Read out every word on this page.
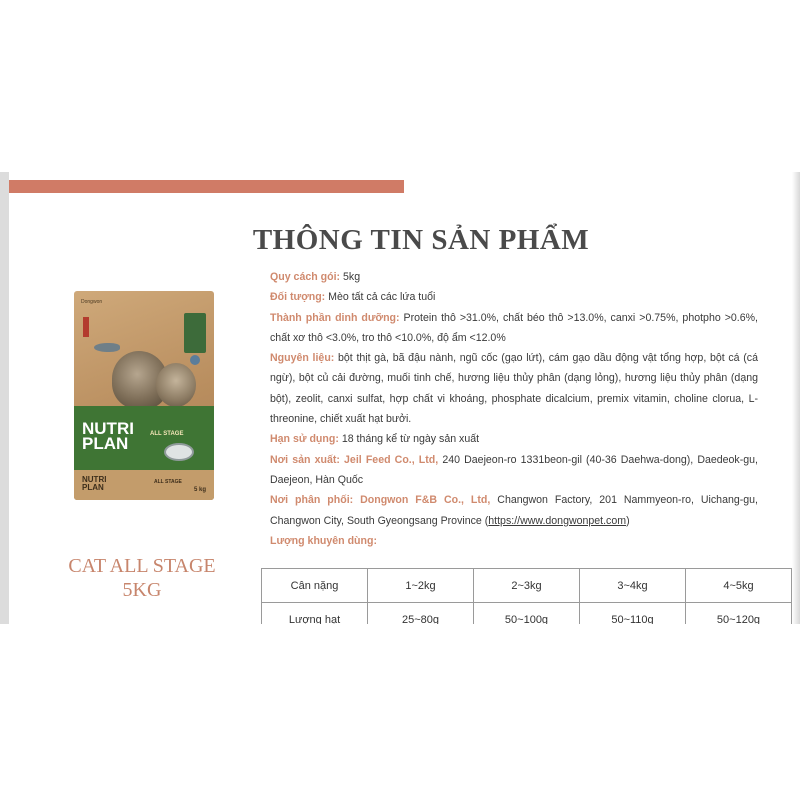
THÔNG TIN SẢN PHẨM
Dongwon
NUTRI
PLAN	ALL STAGE
NUTRI
PLAN
ALL STAGE
5 kg

CAT ALL STAGE
5KG

Quy cách gói: 5kg

Đối tượng: Mèo tất cả các lứa tuổi

Thành phần dinh dưỡng: Protein thô >31.0%, chất béo thô >13.0%, canxi >0.75%, photpho >0.6%, chất xơ thô <3.0%, tro thô <10.0%, độ ẩm <12.0%

Nguyên liệu: bột thịt gà, bã đậu nành, ngũ cốc (gạo lứt), cám gạo dầu động vật tổng hợp, bột cá (cá ngừ), bột củ cải đường, muối tinh chế, hương liệu thủy phân (dạng lỏng), hương liệu thủy phân (dạng bột), zeolit, canxi sulfat, hợp chất vi khoáng, phosphate dicalcium, premix vitamin, choline clorua, L-threonine, chiết xuất hạt bưởi.

Hạn sử dụng: 18 tháng kể từ ngày sản xuất

Nơi sản xuất: Jeil Feed Co., Ltd, 240 Daejeon-ro 1331beon-gil (40-36 Daehwa-dong), Daedeok-gu, Daejeon, Hàn Quốc

Nơi phân phối: Dongwon F&B Co., Ltd, Changwon Factory, 201 Nammyeon-ro, Uichang-gu, Changwon City, South Gyeongsang Province (https://www.dongwonpet.com)

Lượng khuyên dùng:

Cân nặng	1~2kg	2~3kg	3~4kg	4~5kg
Lượng hạt	25~80g	50~100g	50~110g	50~120g
